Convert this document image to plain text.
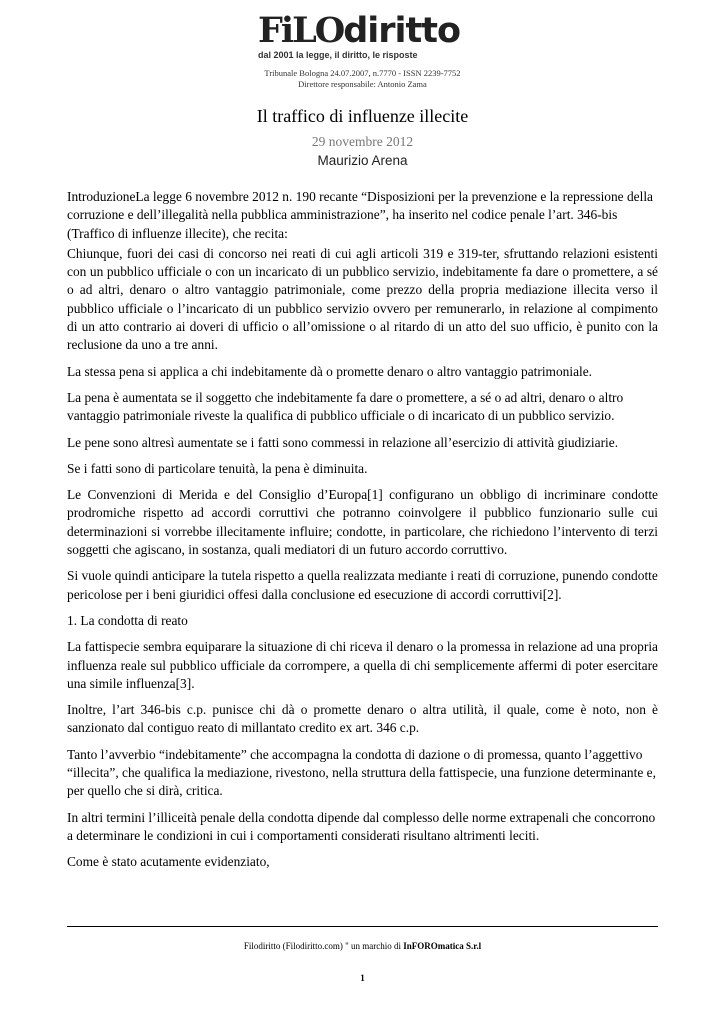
FiLOdiritto
dal 2001 la legge, il diritto, le risposte
Tribunale Bologna 24.07.2007, n.7770 - ISSN 2239-7752
Direttore responsabile: Antonio Zama
Il traffico di influenze illecite
29 novembre 2012
Maurizio Arena

IntroduzioneLa legge 6 novembre 2012 n. 190 recante “Disposizioni per la prevenzione e la repressione della corruzione e dell’illegalità nella pubblica amministrazione”, ha inserito nel codice penale l’art. 346-bis (Traffico di influenze illecite), che recita:

Chiunque, fuori dei casi di concorso nei reati di cui agli articoli 319 e 319-ter, sfruttando relazioni esistenti con un pubblico ufficiale o con un incaricato di un pubblico servizio, indebitamente fa dare o promettere, a sé o ad altri, denaro o altro vantaggio patrimoniale, come prezzo della propria mediazione illecita verso il pubblico ufficiale o l’incaricato di un pubblico servizio ovvero per remunerarlo, in relazione al compimento di un atto contrario ai doveri di ufficio o all’omissione o al ritardo di un atto del suo ufficio, è punito con la reclusione da uno a tre anni.

La stessa pena si applica a chi indebitamente dà o promette denaro o altro vantaggio patrimoniale.

La pena è aumentata se il soggetto che indebitamente fa dare o promettere, a sé o ad altri, denaro o altro vantaggio patrimoniale riveste la qualifica di pubblico ufficiale o di incaricato di un pubblico servizio.

Le pene sono altresì aumentate se i fatti sono commessi in relazione all’esercizio di attività giudiziarie.

Se i fatti sono di particolare tenuità, la pena è diminuita.

Le Convenzioni di Merida e del Consiglio d’Europa[1] configurano un obbligo di incriminare condotte prodromiche rispetto ad accordi corruttivi che potranno coinvolgere il pubblico funzionario sulle cui determinazioni si vorrebbe illecitamente influire; condotte, in particolare, che richiedono l’intervento di terzi soggetti che agiscano, in sostanza, quali mediatori di un futuro accordo corruttivo.

Si vuole quindi anticipare la tutela rispetto a quella realizzata mediante i reati di corruzione, punendo condotte pericolose per i beni giuridici offesi dalla conclusione ed esecuzione di accordi corruttivi[2].

1. La condotta di reato

La fattispecie sembra equiparare la situazione di chi riceva il denaro o la promessa in relazione ad una propria influenza reale sul pubblico ufficiale da corrompere, a quella di chi semplicemente affermi di poter esercitare una simile influenza[3].

Inoltre, l’art 346-bis c.p. punisce chi dà o promette denaro o altra utilità, il quale, come è noto, non è sanzionato dal contiguo reato di millantato credito ex art. 346 c.p.

Tanto l’avverbio “indebitamente” che accompagna la condotta di dazione o di promessa, quanto l’aggettivo “illecita”, che qualifica la mediazione, rivestono, nella struttura della fattispecie, una funzione determinante e, per quello che si dirà, critica.

In altri termini l’illiceità penale della condotta dipende dal complesso delle norme extrapenali che concorrono a determinare le condizioni in cui i comportamenti considerati risultano altrimenti leciti.

Come è stato acutamente evidenziato,

Filodiritto (Filodiritto.com) " un marchio di InFOROmatica S.r.l
1
